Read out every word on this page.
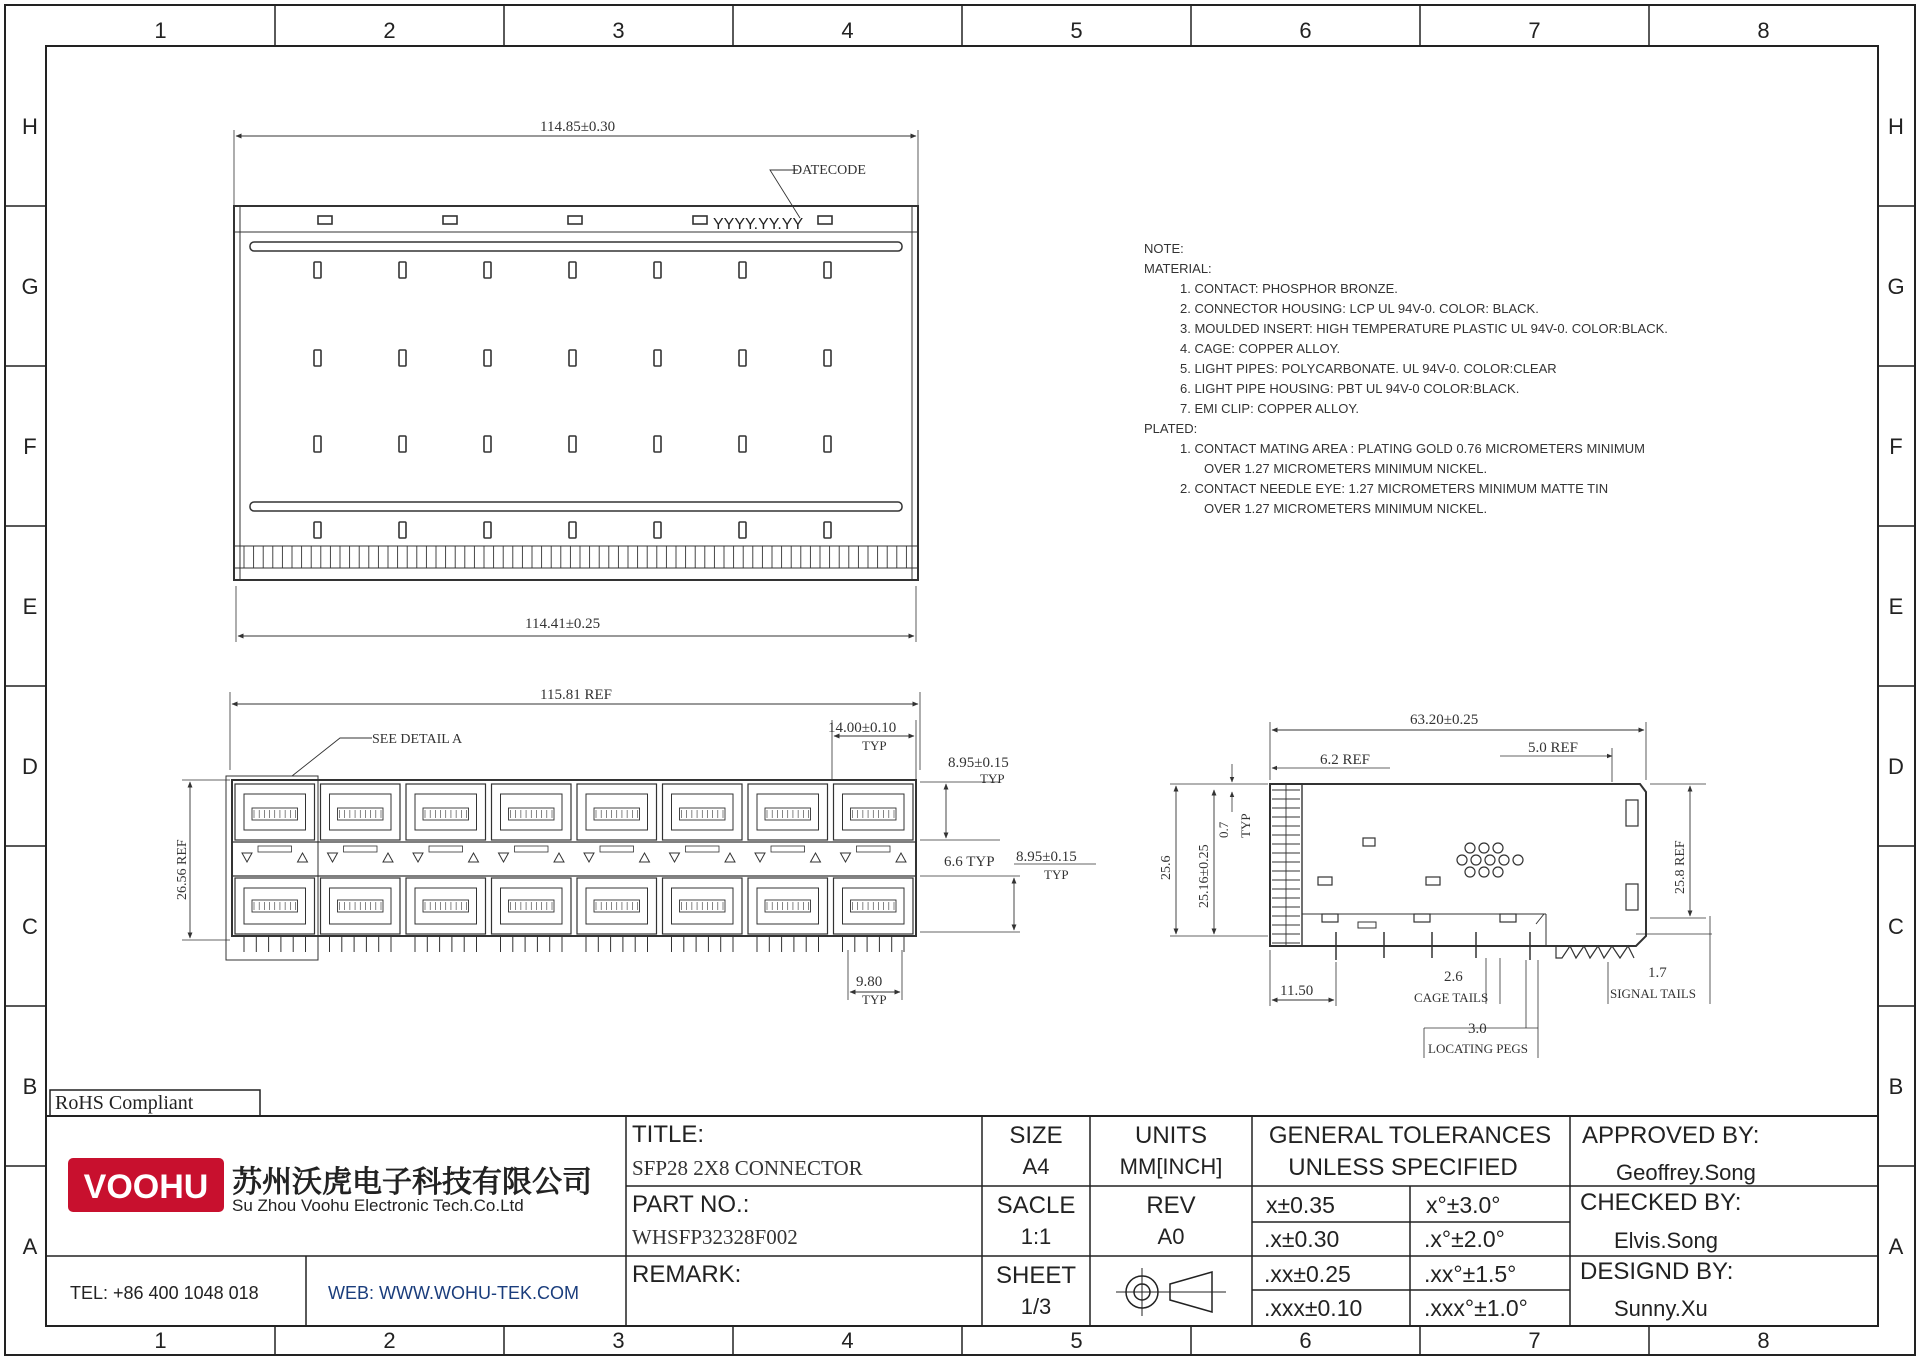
1
1
2
2
3
3
4
4
5
5
6
6
7
7
8
8
H	H
G	G
F	F
E	E
D	D
C	C
B	B
A	A
114.85±0.30
114.41±0.25
DATECODE
YYYY.YY.YY
115.81 REF
SEE DETAIL A
14.00±0.10
TYP
8.95±0.15
TYP
6.6 TYP 8.95±0.15
TYP
26.56 REF
9.80
TYP
63.20±0.25
6.2 REF
5.0 REF
25.6 25.16±0.25
0.7 TYP
25.8 REF
11.50
2.6
CAGE TAILS
1.7
SIGNAL TAILS
3.0
LOCATING PEGS
NOTE:
MATERIAL:
1. CONTACT: PHOSPHOR BRONZE.
2. CONNECTOR HOUSING: LCP UL 94V-0. COLOR: BLACK.
3. MOULDED INSERT: HIGH TEMPERATURE PLASTIC UL 94V-0. COLOR:BLACK.
4. CAGE: COPPER ALLOY.
5. LIGHT PIPES: POLYCARBONATE. UL 94V-0. COLOR:CLEAR
6. LIGHT PIPE HOUSING: PBT UL 94V-0 COLOR:BLACK.
7. EMI CLIP: COPPER ALLOY.
PLATED:
1. CONTACT MATING AREA : PLATING GOLD 0.76 MICROMETERS MINIMUM
OVER 1.27 MICROMETERS MINIMUM NICKEL.
2. CONTACT NEEDLE EYE: 1.27 MICROMETERS MINIMUM MATTE TIN
OVER 1.27 MICROMETERS MINIMUM NICKEL.
VOOHU
RoHS Compliant
苏州沃虎电子科技有限公司
Su Zhou Voohu Electronic Tech.Co.Ltd
TEL: +86 400 1048 018	WEB: WWW.WOHU-TEK.COM
TITLE:
SFP28 2X8 CONNECTOR
PART NO.:
WHSFP32328F002
REMARK:
SIZE
A4
UNITS
MM[INCH]
SACLE
1:1
REV
A0
SHEET
1/3
GENERAL TOLERANCES
UNLESS SPECIFIED
x±0.35	x°±3.0°
.x±0.30	.x°±2.0°
.xx±0.25	.xx°±1.5°
.xxx±0.10	.xxx°±1.0°
APPROVED BY:
Geoffrey.Song
CHECKED BY:
Elvis.Song
DESIGND BY:
Sunny.Xu
